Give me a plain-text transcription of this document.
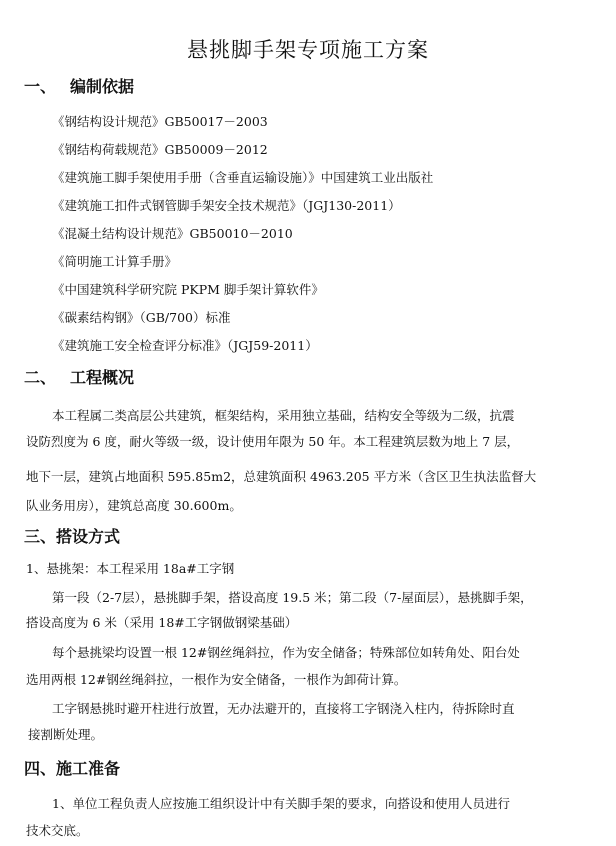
悬挑脚手架专项施工方案
一、 编制依据
《钢结构设计规范》GB50017－2003
《钢结构荷载规范》GB50009－2012
《建筑施工脚手架使用手册（含垂直运输设施）》中国建筑工业出版社
《建筑施工扣件式钢管脚手架安全技术规范》（JGJ130-2011）
《混凝土结构设计规范》GB50010－2010
《简明施工计算手册》
《中国建筑科学研究院 PKPM 脚手架计算软件》
《碳素结构钢》（GB/700）标准
《建筑施工安全检查评分标准》（JGJ59-2011）
二、 工程概况
本工程属二类高层公共建筑，框架结构，采用独立基础，结构安全等级为二级，抗震
设防烈度为 6 度，耐火等级一级，设计使用年限为 50 年。本工程建筑层数为地上 7 层，
地下一层，建筑占地面积 595.85m2，总建筑面积 4963.205 平方米（含区卫生执法监督大
队业务用房），建筑总高度 30.600m。
三、搭设方式
1、悬挑架：本工程采用 18a#工字钢
第一段（2-7层），悬挑脚手架，搭设高度 19.5 米；第二段（7-屋面层），悬挑脚手架，
搭设高度为 6 米（采用 18#工字钢做钢梁基础）
每个悬挑梁均设置一根 12#钢丝绳斜拉，作为安全储备；特殊部位如转角处、阳台处
选用两根 12#钢丝绳斜拉，一根作为安全储备，一根作为卸荷计算。
工字钢悬挑时避开柱进行放置，无办法避开的，直接将工字钢浇入柱内，待拆除时直
接割断处理。
四、施工准备
1、单位工程负责人应按施工组织设计中有关脚手架的要求，向搭设和使用人员进行
技术交底。
